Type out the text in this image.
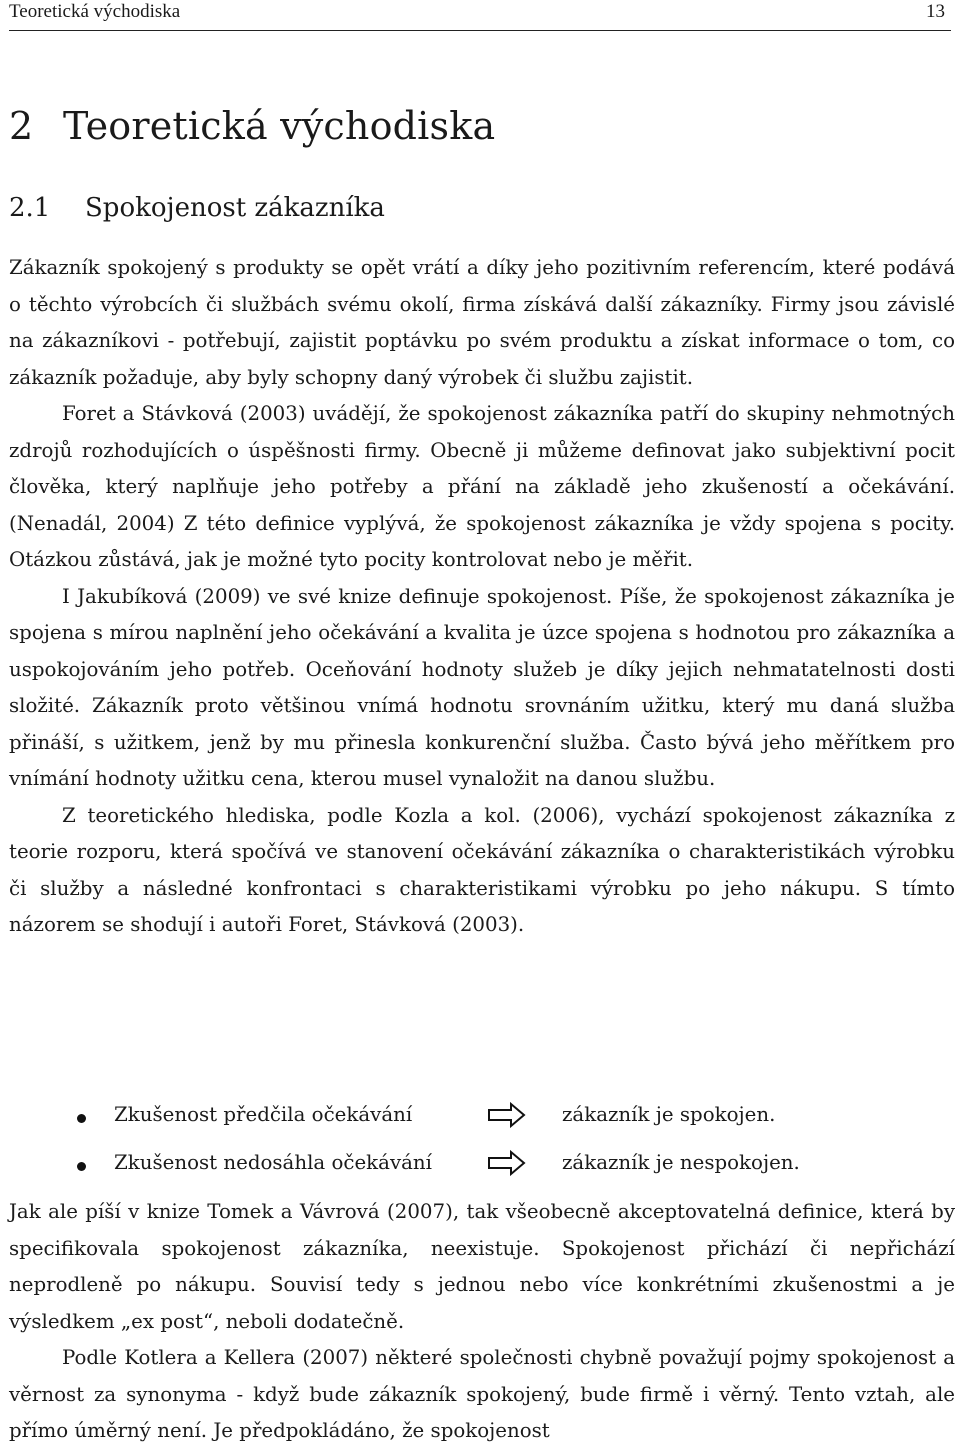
Teoretická východiska	13
2 Teoretická východiska
2.1 Spokojenost zákazníka

Zákazník spokojený s produkty se opět vrátí a díky jeho pozitivním referencím, které podává o těchto výrobcích či službách svému okolí, firma získává další zákazníky. Firmy jsou závislé na zákazníkovi - potřebují, zajistit poptávku po svém produktu a získat informace o tom, co zákazník požaduje, aby byly schopny daný výrobek či službu zajistit.

Foret a Stávková (2003) uvádějí, že spokojenost zákazníka patří do skupiny nehmotných zdrojů rozhodujících o úspěšnosti firmy. Obecně ji můžeme definovat jako subjektivní pocit člověka, který naplňuje jeho potřeby a přání na základě jeho zkušeností a očekávání. (Nenadál, 2004) Z této definice vyplývá, že spokojenost zákazníka je vždy spojena s pocity. Otázkou zůstává, jak je možné tyto pocity kontrolovat nebo je měřit.

I Jakubíková (2009) ve své knize definuje spokojenost. Píše, že spokojenost zákazníka je spojena s mírou naplnění jeho očekávání a kvalita je úzce spojena s hodnotou pro zákazníka a uspokojováním jeho potřeb. Oceňování hodnoty služeb je díky jejich nehmatatelnosti dosti složité. Zákazník proto většinou vnímá hodnotu srovnáním užitku, který mu daná služba přináší, s užitkem, jenž by mu přinesla konkurenční služba. Často bývá jeho měřítkem pro vnímání hodnoty užitku cena, kterou musel vynaložit na danou službu.

Z teoretického hlediska, podle Kozla a kol. (2006), vychází spokojenost zákazníka z teorie rozporu, která spočívá ve stanovení očekávání zákazníka o charakteristikách výrobku či služby a následné konfrontaci s charakteristikami výrobku po jeho nákupu. S tímto názorem se shodují i autoři Foret, Stávková (2003).

Zkušenost předčila očekávání	zákazník je spokojen.
Zkušenost nedosáhla očekávání	zákazník je nespokojen.

Jak ale píší v knize Tomek a Vávrová (2007), tak všeobecně akceptovatelná definice, která by specifikovala spokojenost zákazníka, neexistuje. Spokojenost přichází či nepřichází neprodleně po nákupu. Souvisí tedy s jednou nebo více konkrétními zkušenostmi a je výsledkem „ex post“, neboli dodatečně.

Podle Kotlera a Kellera (2007) některé společnosti chybně považují pojmy spokojenost a věrnost za synonyma - když bude zákazník spokojený, bude firmě i věrný. Tento vztah, ale přímo úměrný není. Je předpokládáno, že spokojenost
